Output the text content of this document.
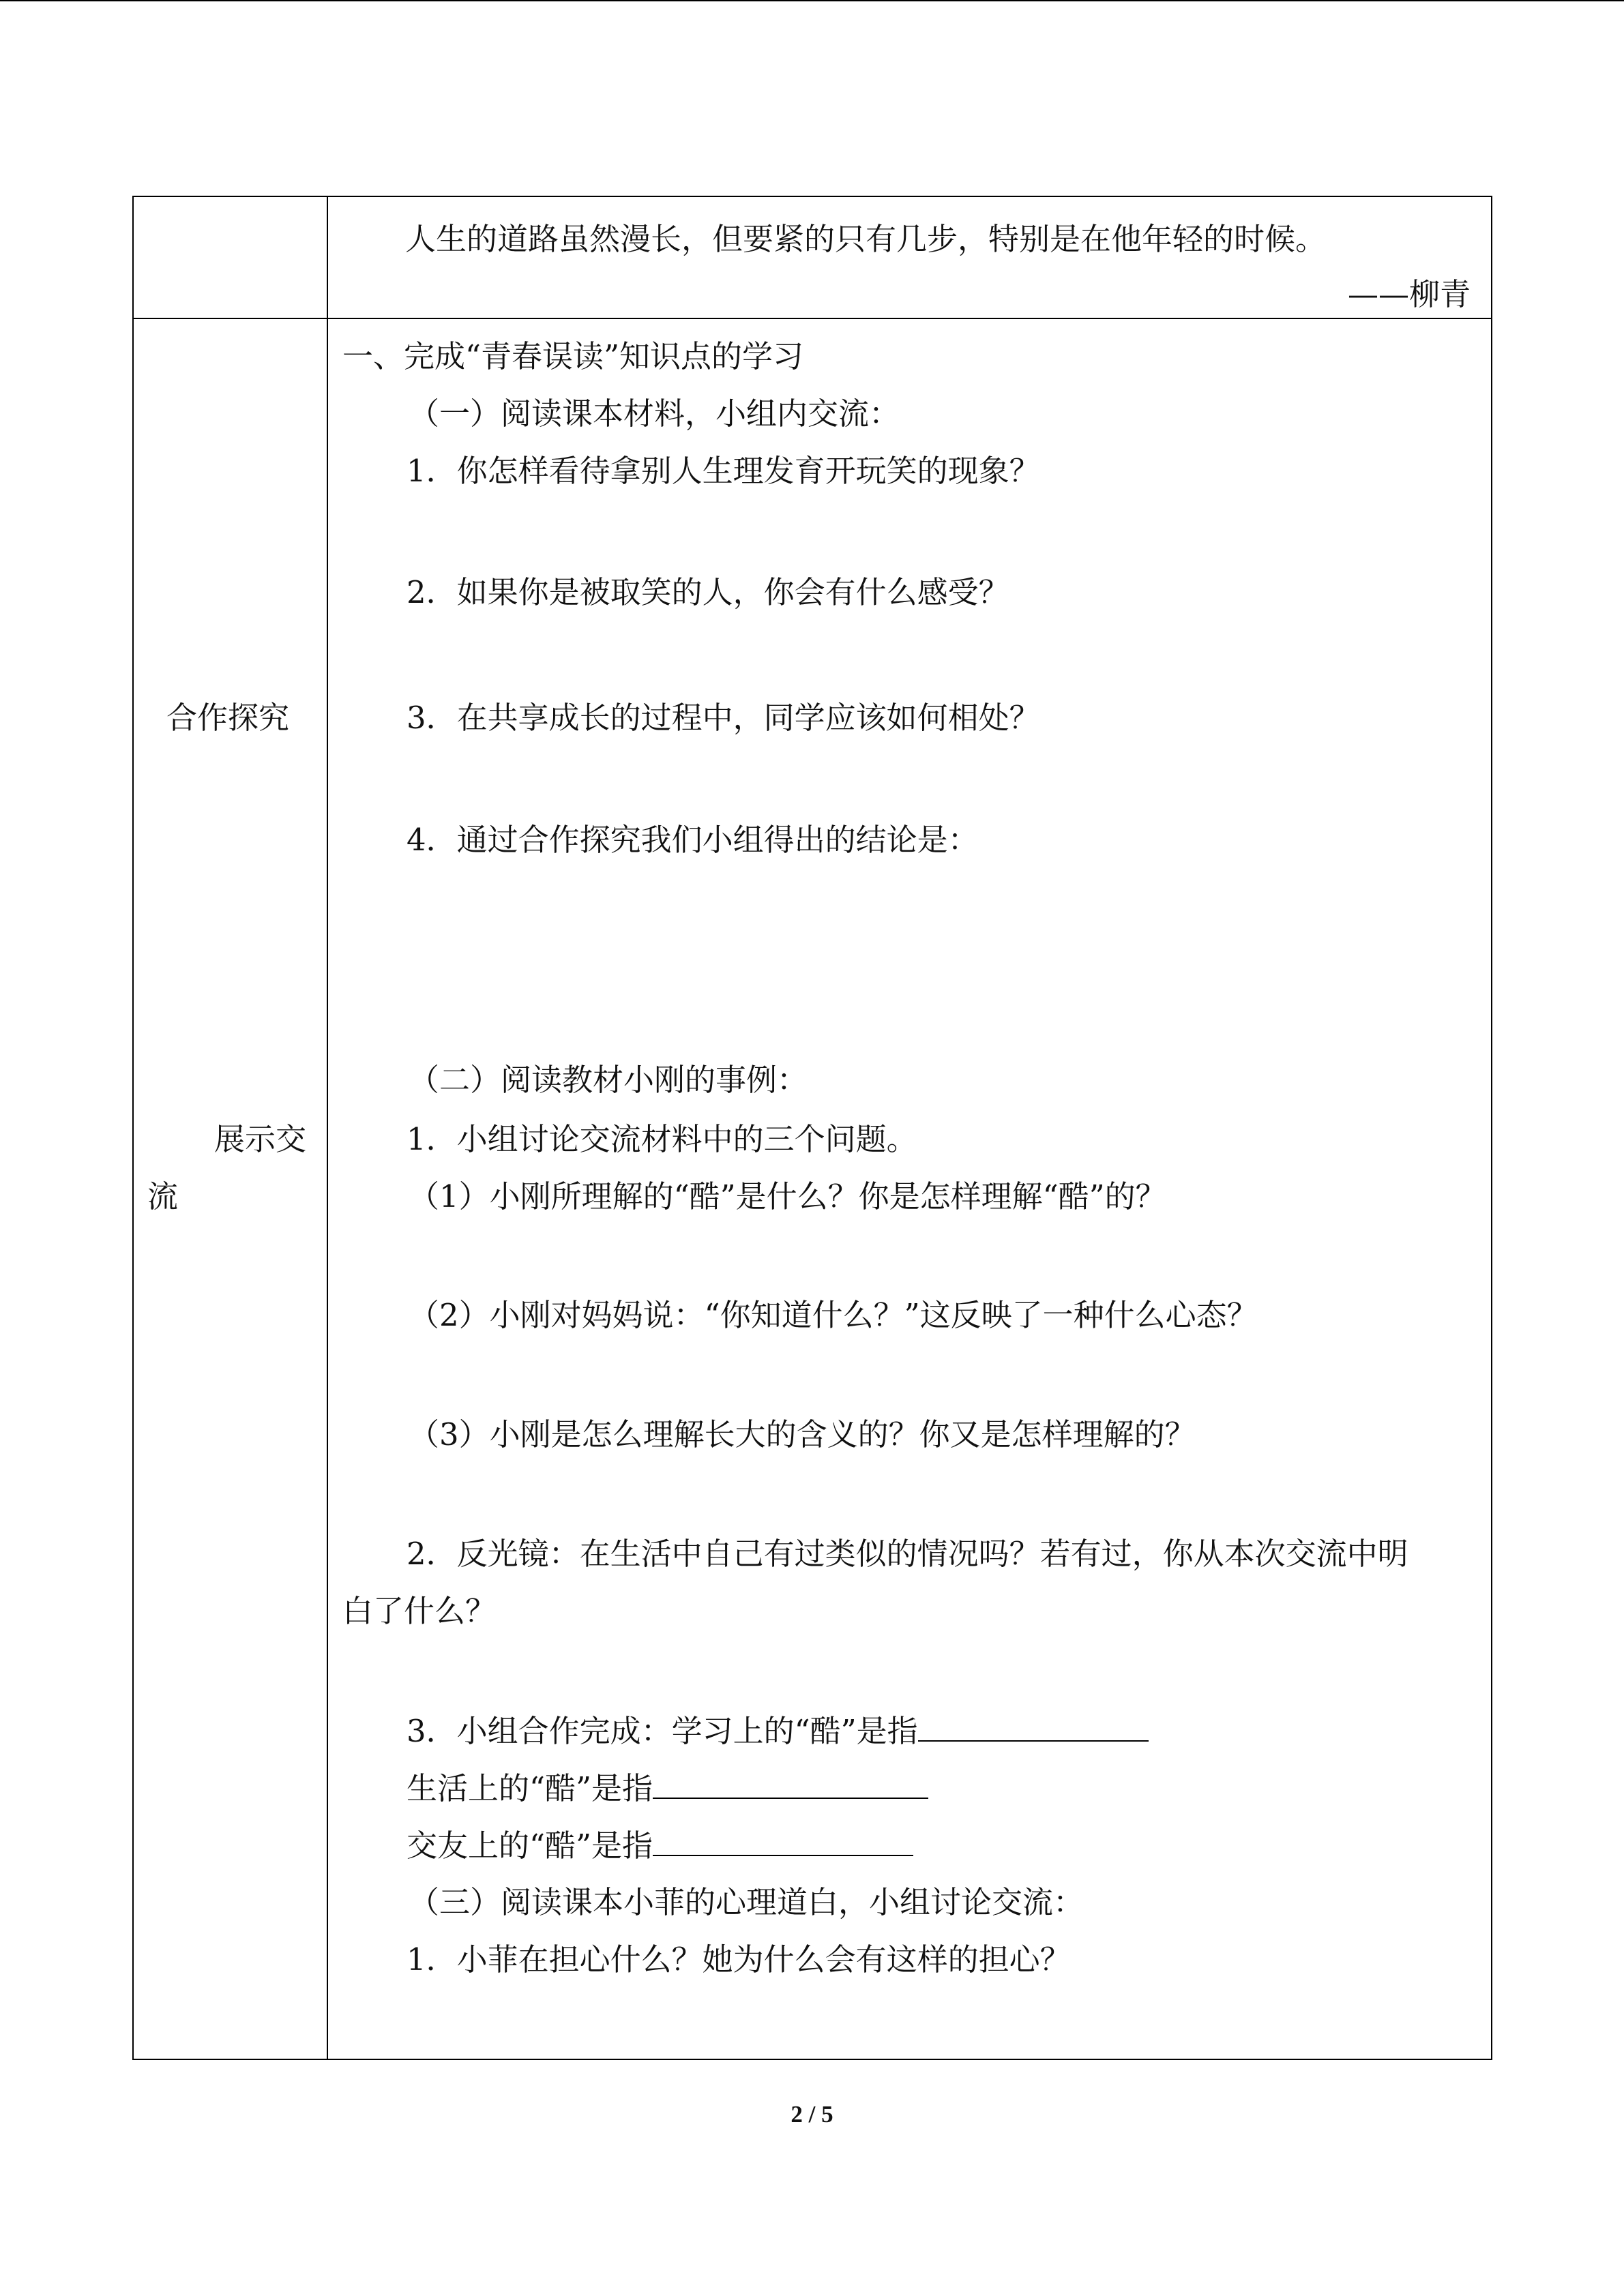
人生的道路虽然漫长，但要紧的只有几步，特别是在他年轻的时候。
——柳青
合作探究
展示交
流
一、完成“青春误读”知识点的学习
（一）阅读课本材料，小组内交流：
1．你怎样看待拿别人生理发育开玩笑的现象？
2．如果你是被取笑的人，你会有什么感受？
3．在共享成长的过程中，同学应该如何相处？
4．通过合作探究我们小组得出的结论是：
（二）阅读教材小刚的事例：
1．小组讨论交流材料中的三个问题。
（1）小刚所理解的“酷”是什么？你是怎样理解“酷”的？
（2）小刚对妈妈说：“你知道什么？”这反映了一种什么心态？
（3）小刚是怎么理解长大的含义的？你又是怎样理解的？
2．反光镜：在生活中自己有过类似的情况吗？若有过，你从本次交流中明
白了什么？
3．小组合作完成：学习上的“酷”是指
生活上的“酷”是指
交友上的“酷”是指
（三）阅读课本小菲的心理道白，小组讨论交流：
1．小菲在担心什么？她为什么会有这样的担心？
2 / 5
